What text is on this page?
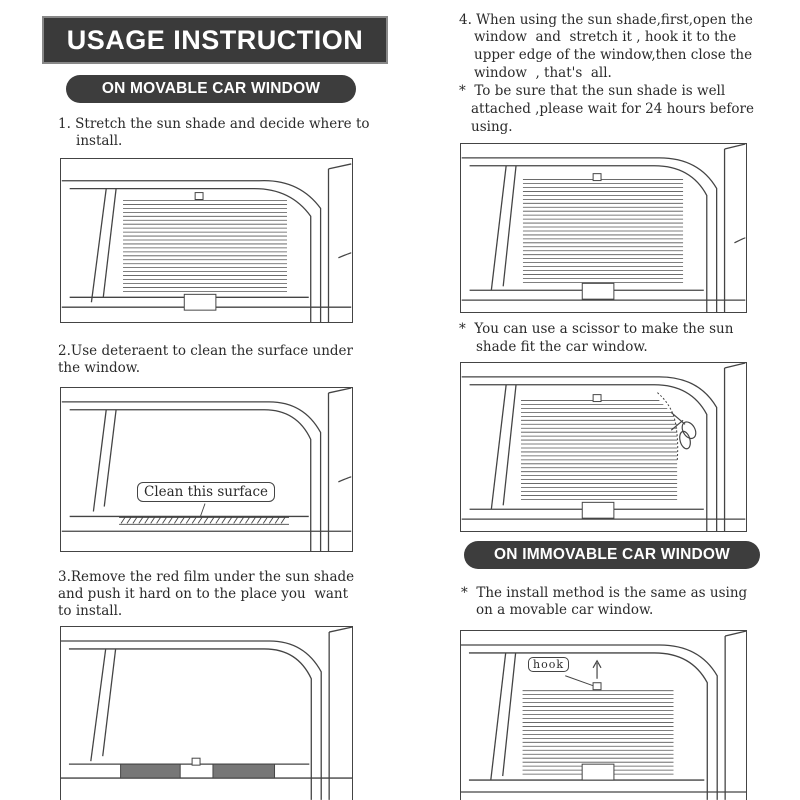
USAGE INSTRUCTION
ON MOVABLE CAR WINDOW
1. Stretch the sun shade and decide where to
install.
2.Use deteraent to clean the surface under
the window.
Clean this surface
3.Remove the red film under the sun shade
and push it hard on to the place you  want
to install.
4. When using the sun shade,first,open the
window  and  stretch it , hook it to the
upper edge of the window,then close the
window  , that's  all.
*  To be sure that the sun shade is well
attached ,please wait for 24 hours before
using.
*  You can use a scissor to make the sun
shade fit the car window.
ON IMMOVABLE CAR WINDOW
*  The install method is the same as using
on a movable car window.
hook
